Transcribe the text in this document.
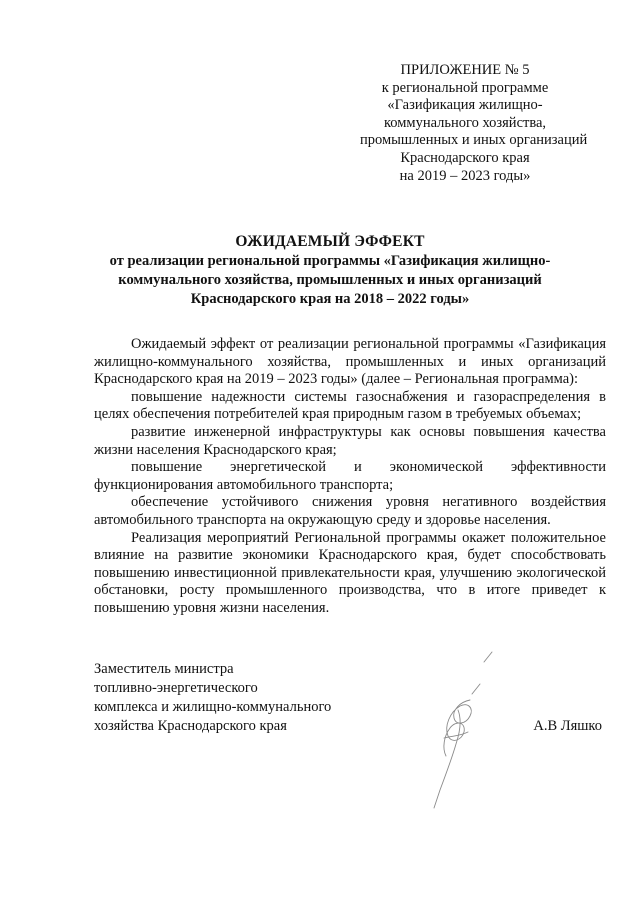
ПРИЛОЖЕНИЕ № 5
к региональной программе
«Газификация жилищно-
коммунального хозяйства,
промышленных и иных организаций
Краснодарского края
на 2019 – 2023 годы»
ОЖИДАЕМЫЙ ЭФФЕКТ
от реализации региональной программы «Газификация жилищно-
коммунального хозяйства, промышленных и иных организаций
Краснодарского края на 2018 – 2022 годы»

Ожидаемый эффект от реализации региональной программы «Газификация жилищно-коммунального хозяйства, промышленных и иных организаций Краснодарского края на 2019 – 2023 годы» (далее – Региональная программа):

повышение надежности системы газоснабжения и газораспределения в целях обеспечения потребителей края природным газом в требуемых объемах;

развитие инженерной инфраструктуры как основы повышения качества жизни населения Краснодарского края;

повышение энергетической и экономической эффективности функционирования автомобильного транспорта;

обеспечение устойчивого снижения уровня негативного воздействия автомобильного транспорта на окружающую среду и здоровье населения.

Реализация мероприятий Региональной программы окажет положительное влияние на развитие экономики Краснодарского края, будет способствовать повышению инвестиционной привлекательности края, улучшению экологической обстановки, росту промышленного производства, что в итоге приведет к повышению уровня жизни населения.

Заместитель министра
топливно-энергетического
комплекса и жилищно-коммунального
хозяйства Краснодарского края	А.В Ляшко
